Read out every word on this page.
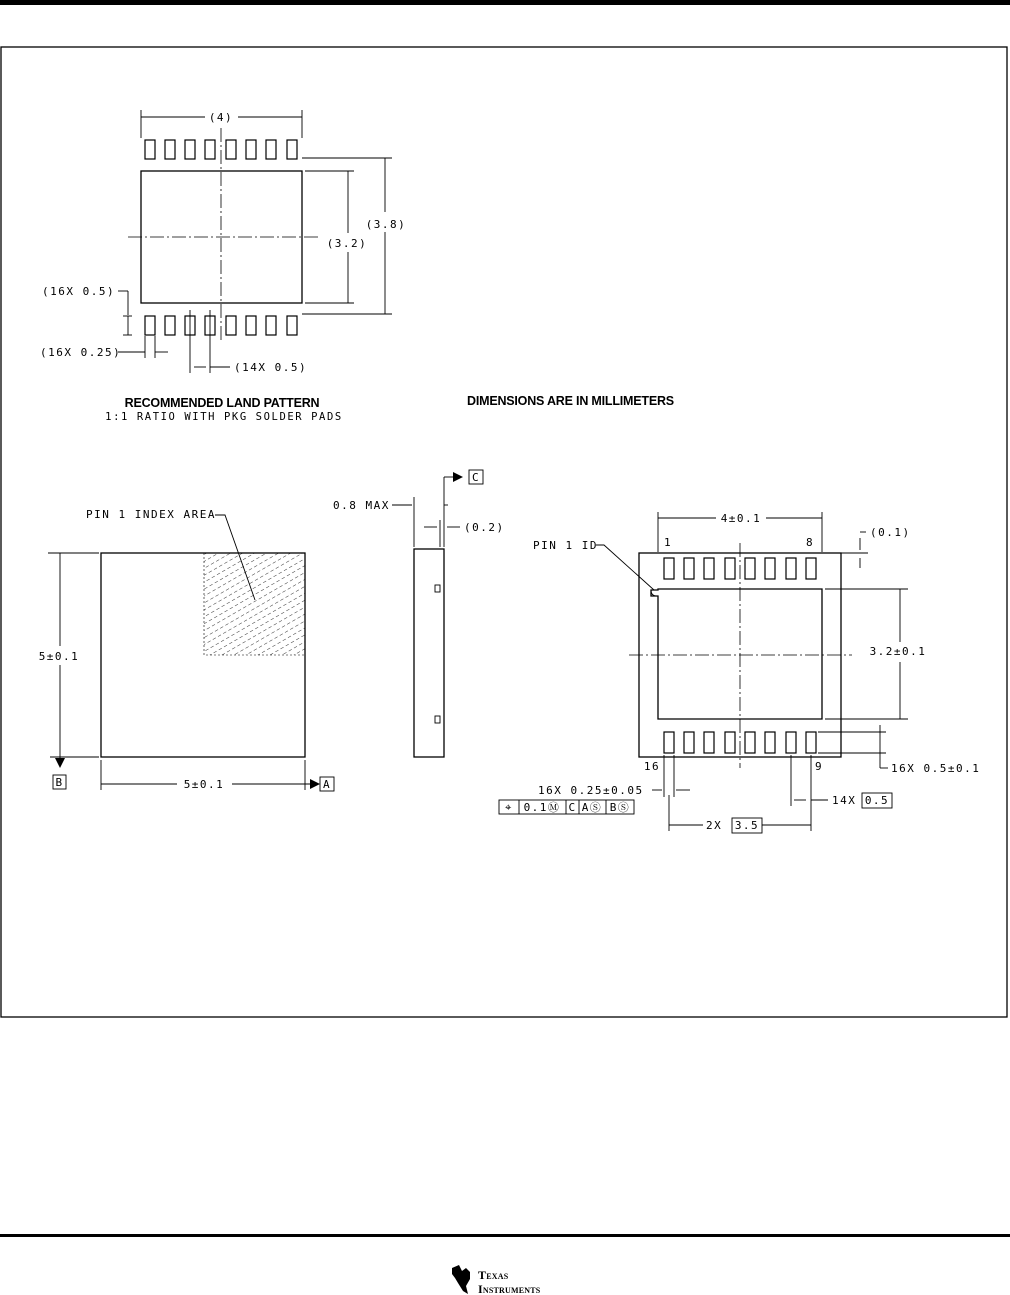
(4)
(3.8)
(3.2)
(16X 0.5)
(16X 0.25)
(14X 0.5)
RECOMMENDED LAND PATTERN
1:1 RATIO WITH PKG SOLDER PADS
DIMENSIONS ARE IN MILLIMETERS
PIN 1 INDEX AREA
5±0.1
B	5±0.1	A
0.8 MAX
C
(0.2)
PIN 1 ID	1	8
16	9
4±0.1
(0.1)
3.2±0.1
16X 0.5±0.1
16X 0.25±0.05
⌖ 0.1Ⓜ C AⓈ BⓈ
14X 0.5
2X 3.5
ti Texas
Instruments
